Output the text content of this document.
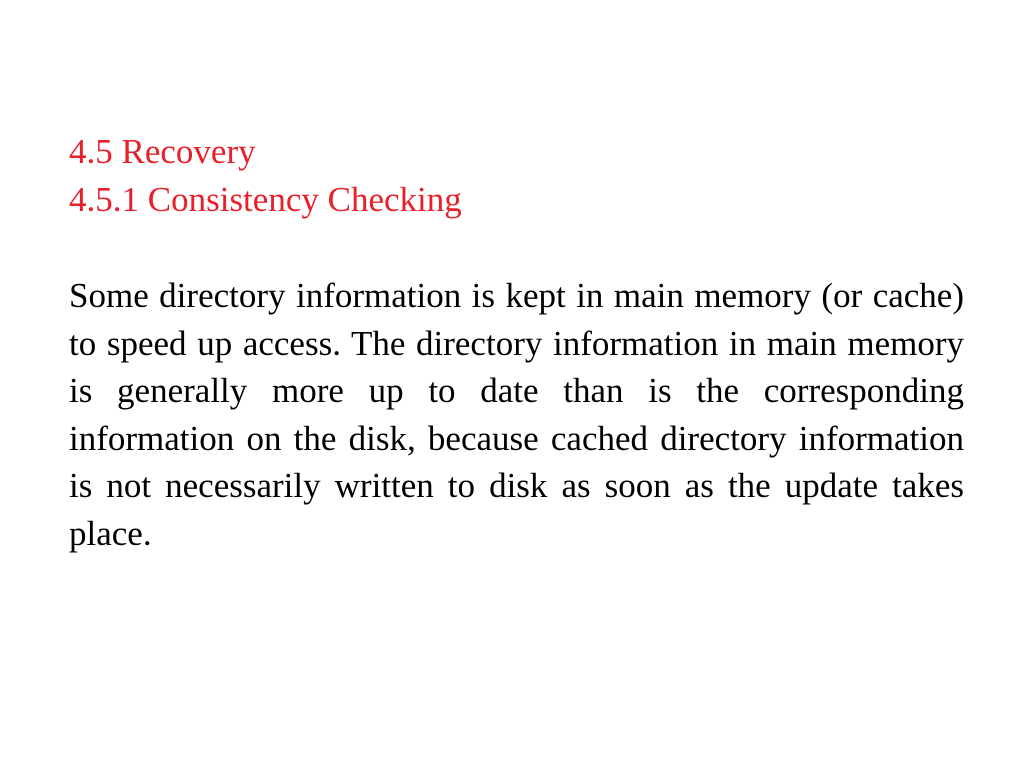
4.5 Recovery
4.5.1 Consistency Checking

Some directory information is kept in main memory (or cache) to speed up access. The directory information in main memory is generally more up to date than is the corresponding information on the disk, because cached directory information is not necessarily written to disk as soon as the update takes place.
